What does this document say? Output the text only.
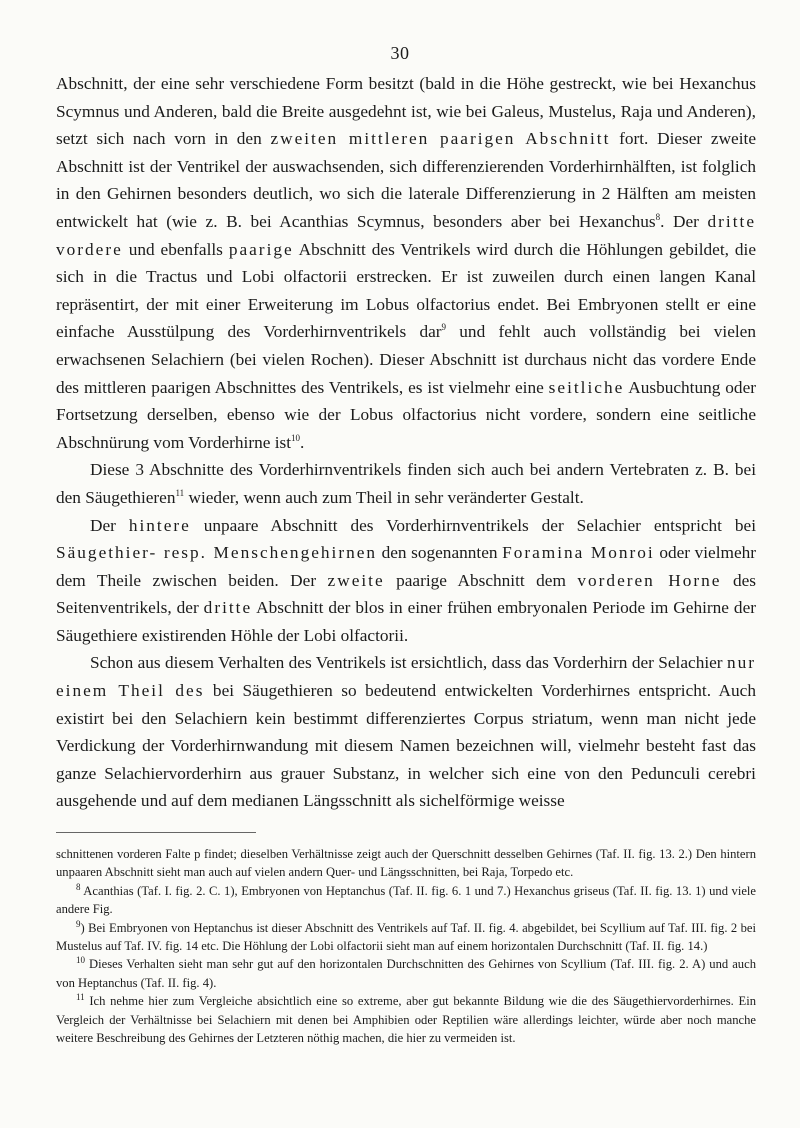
30

Abschnitt, der eine sehr verschiedene Form besitzt (bald in die Höhe gestreckt, wie bei Hexanchus Scymnus und Anderen, bald die Breite ausgedehnt ist, wie bei Galeus, Mustelus, Raja und Anderen), setzt sich nach vorn in den zweiten mittleren paarigen Abschnitt fort. Dieser zweite Abschnitt ist der Ventrikel der auswachsenden, sich differenzierenden Vorderhirnhälften, ist folglich in den Gehirnen besonders deutlich, wo sich die laterale Differenzierung in 2 Hälften am meisten entwickelt hat (wie z. B. bei Acanthias Scymnus, besonders aber bei Hexanchus$^8$. Der dritte vordere und ebenfalls paarige Abschnitt des Ventrikels wird durch die Höhlungen gebildet, die sich in die Tractus und Lobi olfactorii erstrecken. Er ist zuweilen durch einen langen Kanal repräsentirt, der mit einer Erweiterung im Lobus olfactorius endet. Bei Embryonen stellt er eine einfache Ausstülpung des Vorderhirnventrikels dar$^9$ und fehlt auch vollständig bei vielen erwachsenen Selachiern (bei vielen Rochen). Dieser Abschnitt ist durchaus nicht das vordere Ende des mittleren paarigen Abschnittes des Ventrikels, es ist vielmehr eine seitliche Ausbuchtung oder Fortsetzung derselben, ebenso wie der Lobus olfactorius nicht vordere, sondern eine seitliche Abschnürung vom Vorderhirne ist$^{10}$.

Diese 3 Abschnitte des Vorderhirnventrikels finden sich auch bei andern Vertebraten z. B. bei den Säugethieren$^{11}$ wieder, wenn auch zum Theil in sehr veränderter Gestalt.

Der hintere unpaare Abschnitt des Vorderhirnventrikels der Selachier entspricht bei Säugethier- resp. Menschengehirnen den sogenannten Foramina Monroi oder vielmehr dem Theile zwischen beiden. Der zweite paarige Abschnitt dem vorderen Horne des Seitenventrikels, der dritte Abschnitt der blos in einer frühen embryonalen Periode im Gehirne der Säugethiere existirenden Höhle der Lobi olfactorii.

Schon aus diesem Verhalten des Ventrikels ist ersichtlich, dass das Vorderhirn der Selachier nur einem Theil des bei Säugethieren so bedeutend entwickelten Vorderhirnes entspricht. Auch existirt bei den Selachiern kein bestimmt differenziertes Corpus striatum, wenn man nicht jede Verdickung der Vorderhirnwandung mit diesem Namen bezeichnen will, vielmehr besteht fast das ganze Selachiervorderhirn aus grauer Substanz, in welcher sich eine von den Pedunculi cerebri ausgehende und auf dem medianen Längsschnitt als sichelförmige weisse

schnittenen vorderen Falte p findet; dieselben Verhältnisse zeigt auch der Querschnitt desselben Gehirnes (Taf. II. fig. 13. 2.) Den hintern unpaaren Abschnitt sieht man auch auf vielen andern Quer- und Längsschnitten, bei Raja, Torpedo etc.

$^8$ Acanthias (Taf. I. fig. 2. C. 1), Embryonen von Heptanchus (Taf. II. fig. 6. 1 und 7.) Hexanchus griseus (Taf. II. fig. 13. 1) und viele andere Fig.

$^9$) Bei Embryonen von Heptanchus ist dieser Abschnitt des Ventrikels auf Taf. II. fig. 4. abgebildet, bei Scyllium auf Taf. III. fig. 2 bei Mustelus auf Taf. IV. fig. 14 etc. Die Höhlung der Lobi olfactorii sieht man auf einem horizontalen Durchschnitt (Taf. II. fig. 14.)

$^{10}$ Dieses Verhalten sieht man sehr gut auf den horizontalen Durchschnitten des Gehirnes von Scyllium (Taf. III. fig. 2. A) und auch von Heptanchus (Taf. II. fig. 4).

$^{11}$ Ich nehme hier zum Vergleiche absichtlich eine so extreme, aber gut bekannte Bildung wie die des Säugethiervorderhirnes. Ein Vergleich der Verhältnisse bei Selachiern mit denen bei Amphibien oder Reptilien wäre allerdings leichter, würde aber noch manche weitere Beschreibung des Gehirnes der Letzteren nöthig machen, die hier zu vermeiden ist.
